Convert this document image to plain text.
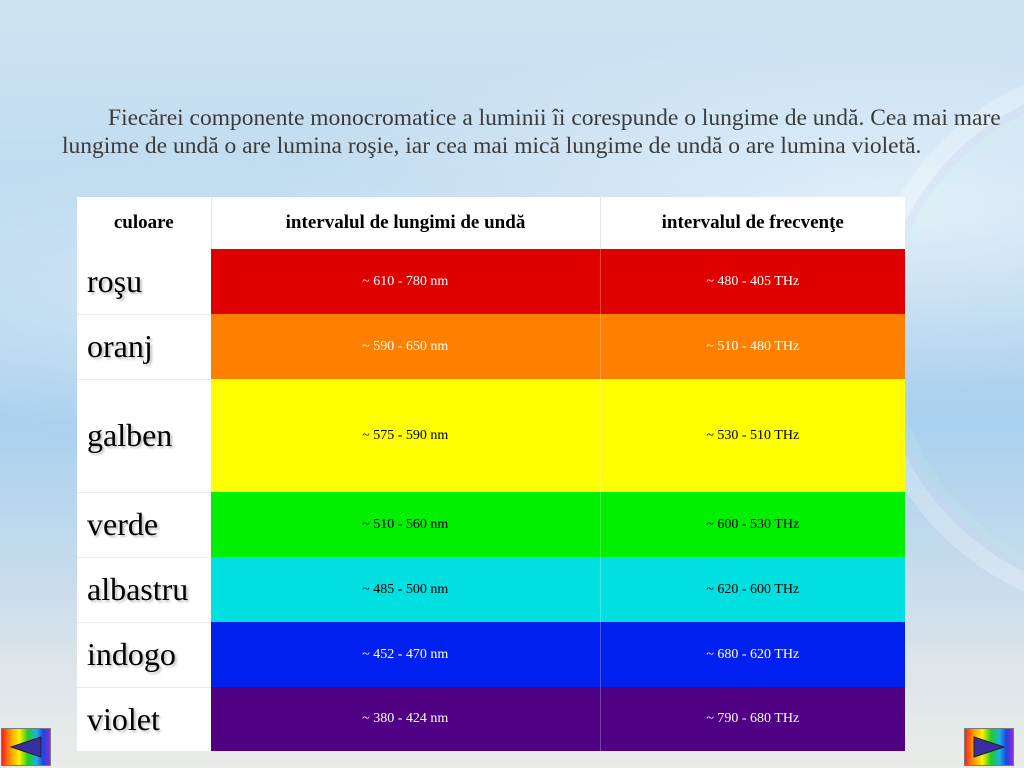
Fiecărei componente monocromatice a luminii îi corespunde o lungime de undă. Cea mai mare lungime de undă o are lumina roşie, iar cea mai mică lungime de undă o are lumina violetă.

culoare	intervalul de lungimi de undă	intervalul de frecvenţe
roşu	~ 610 - 780 nm	~ 480 - 405 THz
oranj	~ 590 - 650 nm	~ 510 - 480 THz
galben	~ 575 - 590 nm	~ 530 - 510 THz
verde	~ 510 - 560 nm	~ 600 - 530 THz
albastru	~ 485 - 500 nm	~ 620 - 600 THz
indogo	~ 452 - 470 nm	~ 680 - 620 THz
violet	~ 380 - 424 nm	~ 790 - 680 THz
